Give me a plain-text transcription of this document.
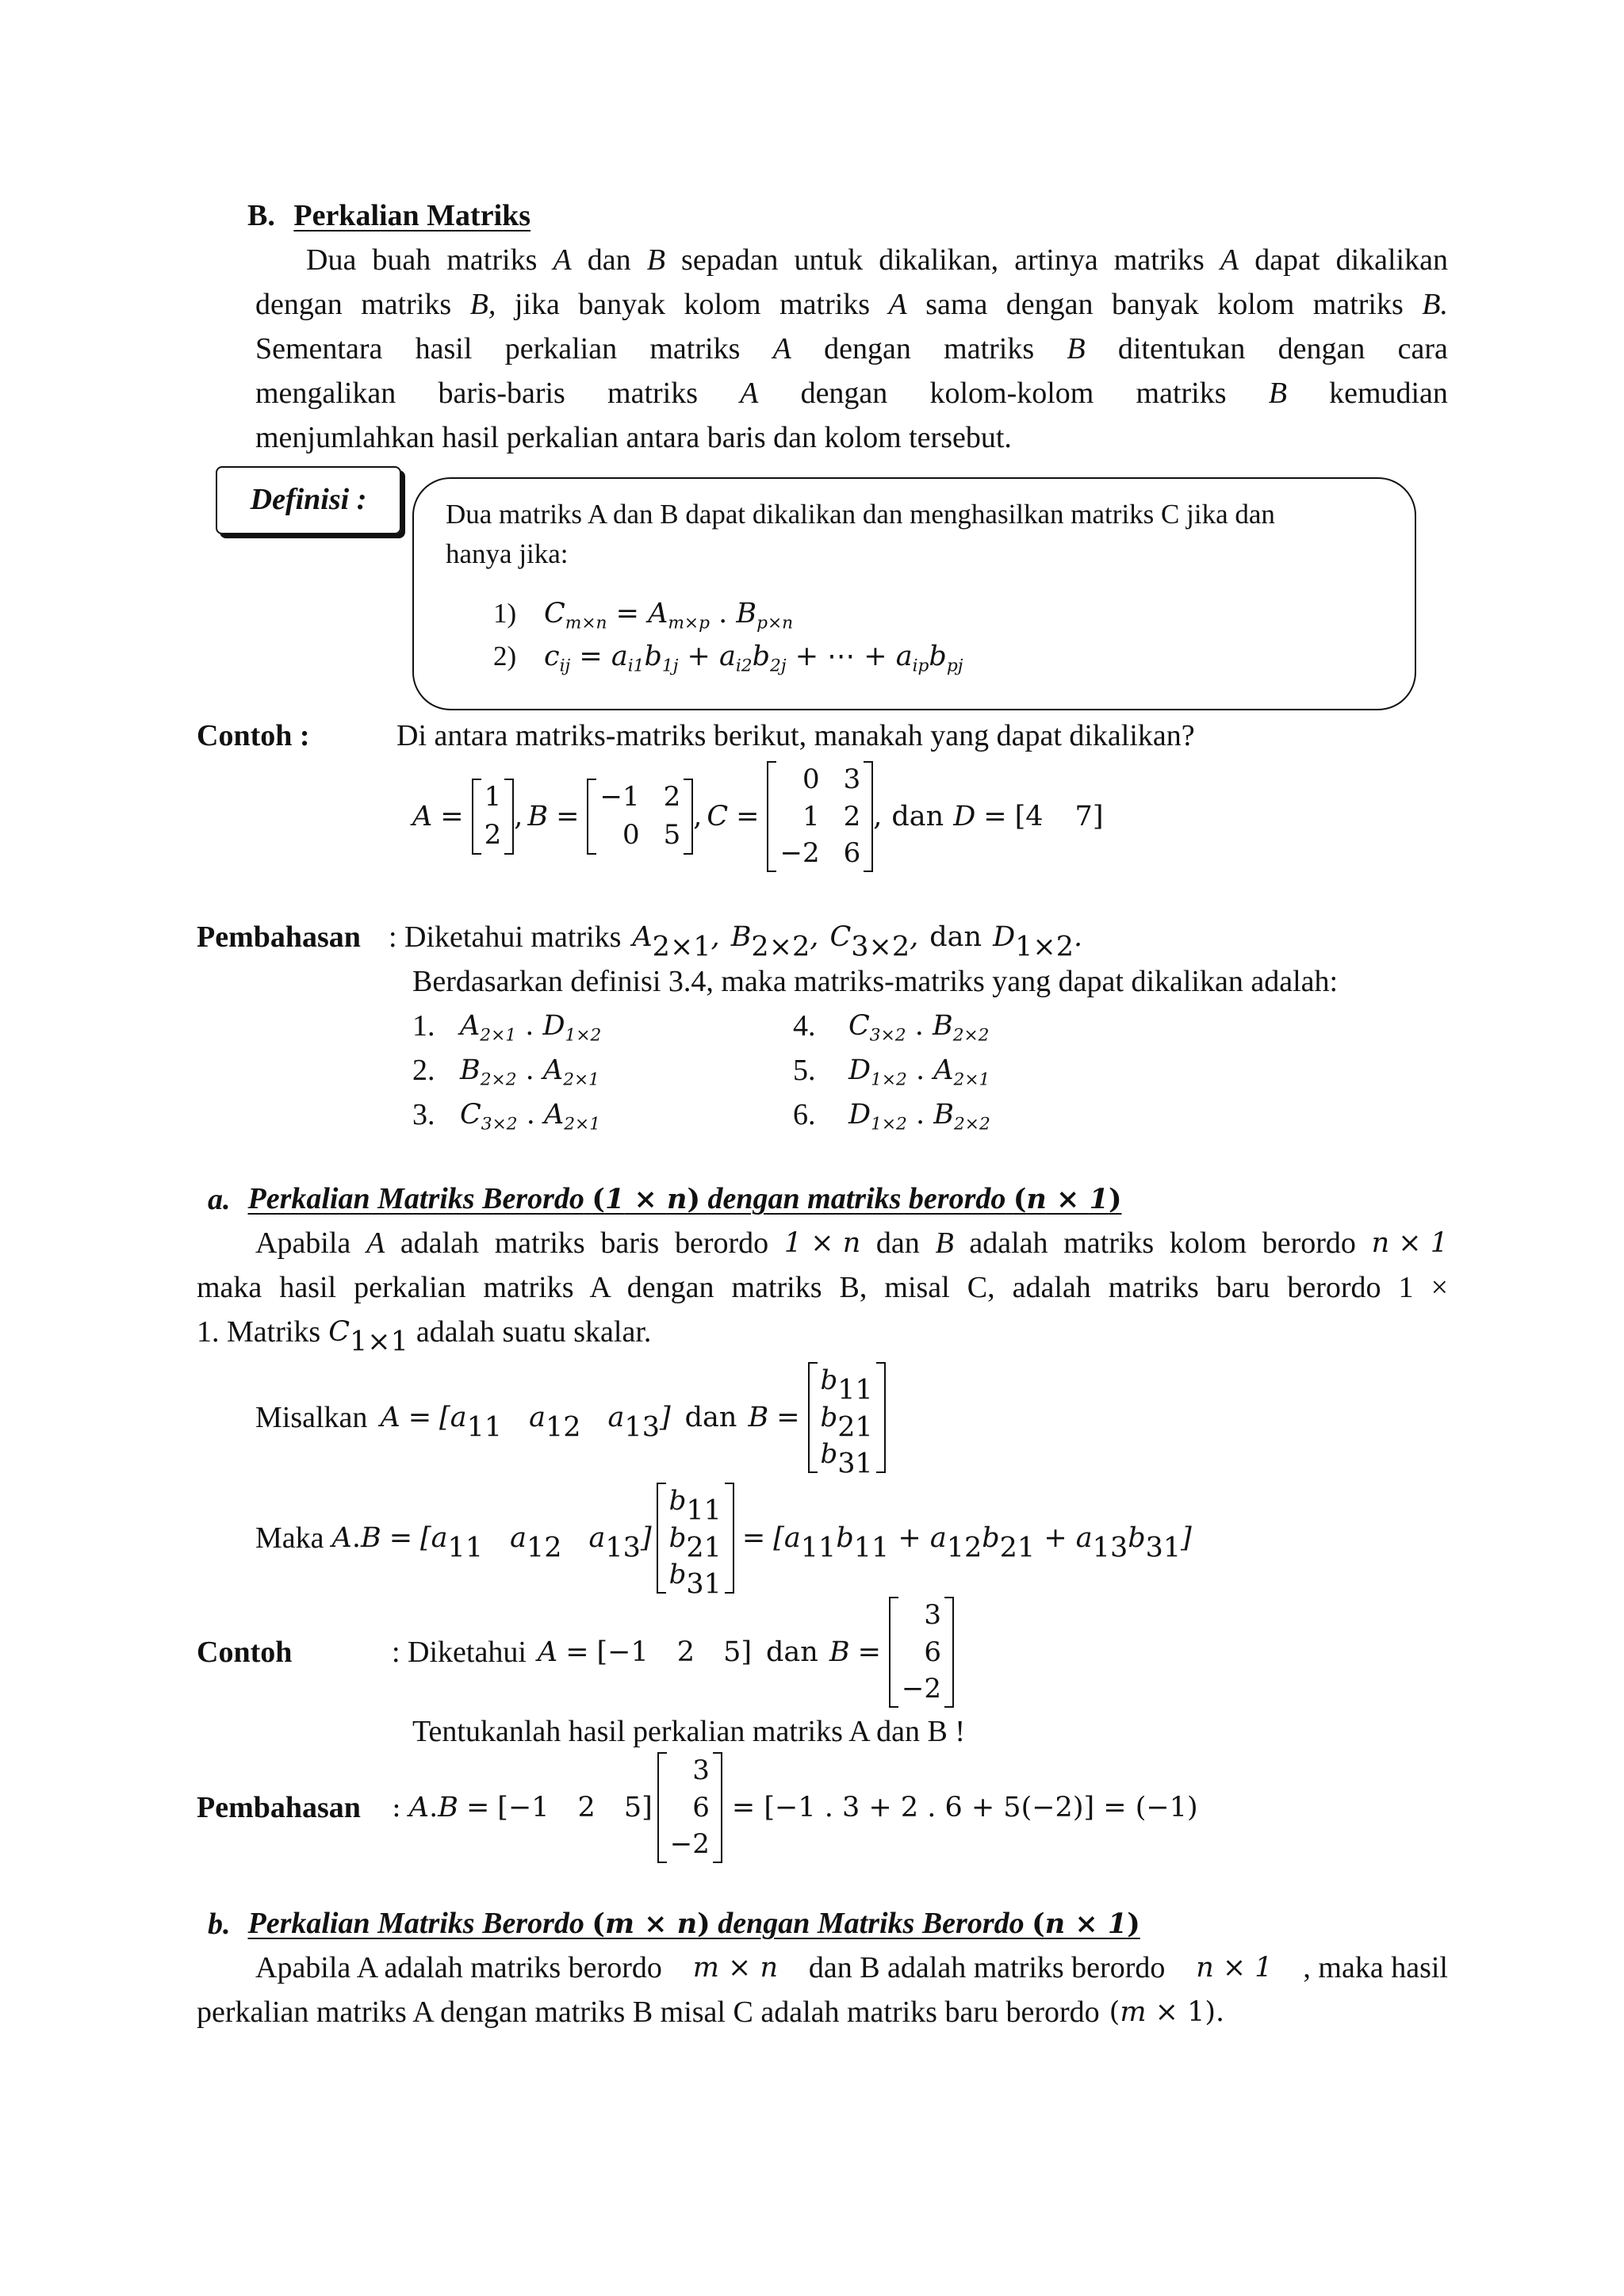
B. Perkalian Matriks
Dua buah matriks A dan B sepadan untuk dikalikan, artinya matriks A dapat dikalikan
dengan matriks B, jika banyak kolom matriks A sama dengan banyak kolom matriks B.
Sementara hasil perkalian matriks A dengan matriks B ditentukan dengan cara
mengalikan baris-baris matriks A dengan kolom-kolom matriks B kemudian
menjumlahkan hasil perkalian antara baris dan kolom tersebut.
Definisi :	Dua matriks A dan B dapat dikalikan dan menghasilkan matriks C jika dan
hanya jika:
1) $C_{m\times n} = A_{m\times p}$ . $B_{p\times n}$
2) $c_{ij} = a_{i1}b_{1j} + a_{i2}b_{2j}$ + ⋯ + $a_{ip}b_{pj}$
Contoh :	Di antara matriks-matriks berikut, manakah yang dapat dikalikan?
A =
1
2
, B =
−1 2
0 5
, C =
0 3
1 2
−2 6
, dan D = [4 7]
Pembahasan : Diketahui matriks $A_{2\times 1}$, $B_{2\times 2}$, $C_{3\times 2}$, dan $D_{1\times 2}$.
Berdasarkan definisi 3.4, maka matriks-matriks yang dapat dikalikan adalah:
1. $A_{2\times 1}$ . $D_{1\times 2}$	4.	$C_{3\times 2}$ . $B_{2\times 2}$
2. $B_{2\times 2}$ . $A_{2\times 1}$	5.	$D_{1\times 2}$ . $A_{2\times 1}$
3. $C_{3\times 2}$ . $A_{2\times 1}$	6.	$D_{1\times 2}$ . $B_{2\times 2}$
a. Perkalian Matriks Berordo (1 × n) dengan matriks berordo (n × 1)
Apabila A adalah matriks baris berordo 1 × n dan B adalah matriks kolom berordo n × 1
maka hasil perkalian matriks A dengan matriks B, misal C, adalah matriks baru berordo 1 ×
1. Matriks $C_{1\times 1}$ adalah suatu skalar.
Misalkan $A = [a_{11}$ $a_{12}$ $a_{13}$] dan B =
$b_{11}$
$b_{21}$
$b_{31}$
Maka A . $B = [a_{11}$ $a_{12}$ $a_{13}$]
$b_{11}$
$b_{21}$
$b_{31}$
= $[a_{11}b_{11} + a_{12}b_{21} + a_{13}b_{31}]$
Contoh	: Diketahui A = [−1 2 5] dan B =
3
6
−2
Tentukanlah hasil perkalian matriks A dan B !
Pembahasan : A . B = [−1 2 5]
3
6
−2
= [−1 . 3 + 2 . 6 + 5(−2)] = (−1)
b. Perkalian Matriks Berordo (m × n) dengan Matriks Berordo (n × 1)
Apabila A adalah matriks berordo m × n dan B adalah matriks berordo n × 1 , maka hasil
perkalian matriks A dengan matriks B misal C adalah matriks baru berordo (m × 1).
